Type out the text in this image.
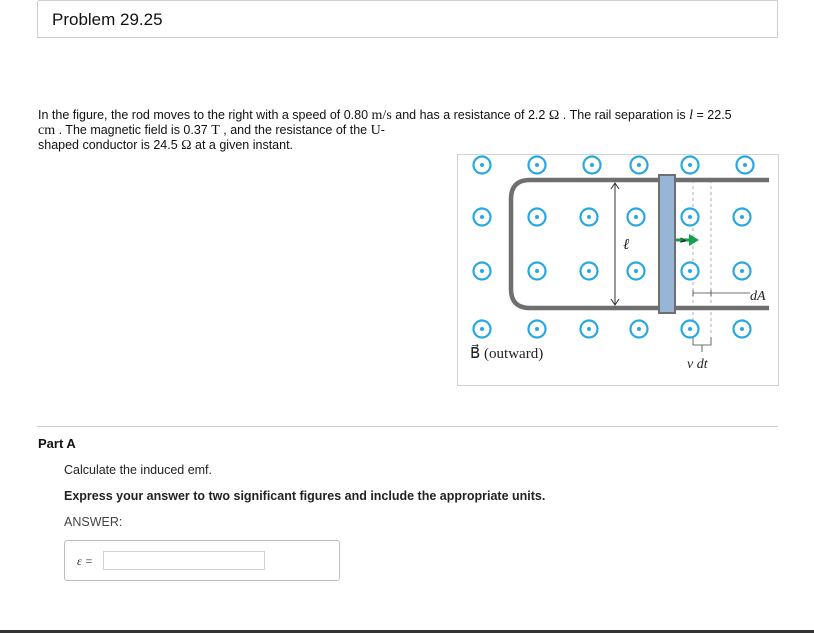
Problem 29.25
In the figure, the rod moves to the right with a speed of 0.80 m/s and has a resistance of 2.2 Ω . The rail separation is l = 22.5
cm . The magnetic field is 0.37 T , and the resistance of the U-
shaped conductor is 24.5 Ω at a given instant.
ℓ
v⃗
dA
B⃗ (outward)
v dt
Part A
Calculate the induced emf.
Express your answer to two significant figures and include the appropriate units.
ANSWER:
ε =
